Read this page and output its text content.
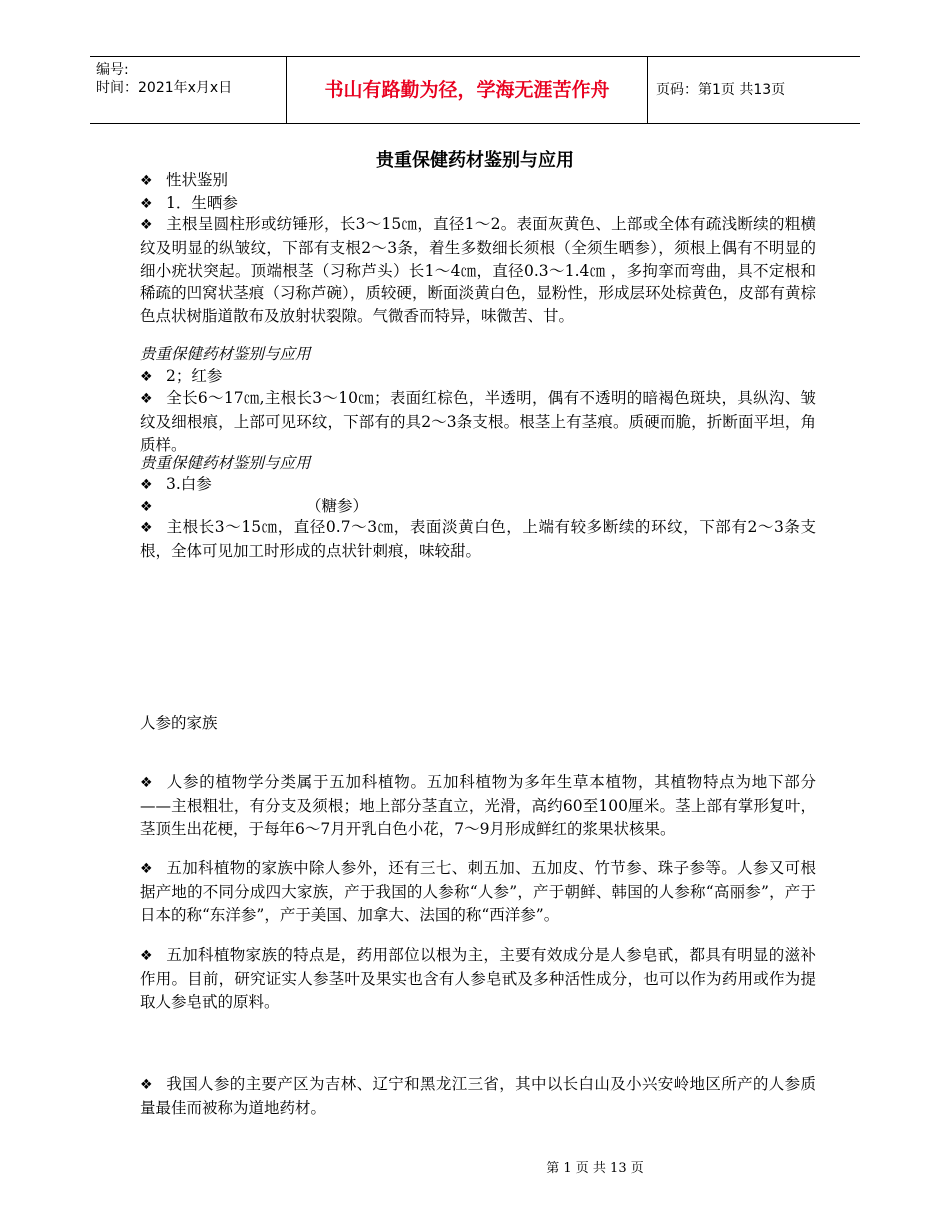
编号:
时间：2021年x月x日	书山有路勤为径，学海无涯苦作舟	页码：第1页 共13页
贵重保健药材鉴别与应用
❖ 性状鉴别
❖ 1．生晒参
❖ 主根呈圆柱形或纺锤形，长3～15㎝，直径1～2。表面灰黄色、上部或全体有疏浅断续的粗横纹及明显的纵皱纹，下部有支根2～3条，着生多数细长须根（全须生晒参），须根上偶有不明显的细小疣状突起。顶端根茎（习称芦头）长1～4㎝，直径0.3～1.4㎝ ，多拘挛而弯曲，具不定根和稀疏的凹窝状茎痕（习称芦碗），质较硬，断面淡黄白色，显粉性，形成层环处棕黄色，皮部有黄棕色点状树脂道散布及放射状裂隙。气微香而特异，味微苦、甘。
贵重保健药材鉴别与应用
❖ 2；红参
❖ 全长6～17㎝,主根长3～10㎝；表面红棕色，半透明，偶有不透明的暗褐色斑块，具纵沟、皱纹及细根痕，上部可见环纹，下部有的具2～3条支根。根茎上有茎痕。质硬而脆，折断面平坦，角质样。
贵重保健药材鉴别与应用
❖ 3.白参
❖	（糖参）
❖ 主根长3～15㎝，直径0.7～3㎝，表面淡黄白色，上端有较多断续的环纹，下部有2～3条支根，全体可见加工时形成的点状针刺痕，味较甜。
人参的家族
❖ 人参的植物学分类属于五加科植物。五加科植物为多年生草本植物，其植物特点为地下部分——主根粗壮，有分支及须根；地上部分茎直立，光滑，高约60至100厘米。茎上部有掌形复叶，茎顶生出花梗，于每年6～7月开乳白色小花，7～9月形成鲜红的浆果状核果。
❖ 五加科植物的家族中除人参外，还有三七、刺五加、五加皮、竹节参、珠子参等。人参又可根据产地的不同分成四大家族，产于我国的人参称“人参”，产于朝鲜、韩国的人参称“高丽参”，产于日本的称“东洋参”，产于美国、加拿大、法国的称“西洋参”。
❖ 五加科植物家族的特点是，药用部位以根为主，主要有效成分是人参皂甙，都具有明显的滋补作用。目前，研究证实人参茎叶及果实也含有人参皂甙及多种活性成分，也可以作为药用或作为提取人参皂甙的原料。
❖ 我国人参的主要产区为吉林、辽宁和黑龙江三省，其中以长白山及小兴安岭地区所产的人参质量最佳而被称为道地药材。
第 1 页 共 13 页
